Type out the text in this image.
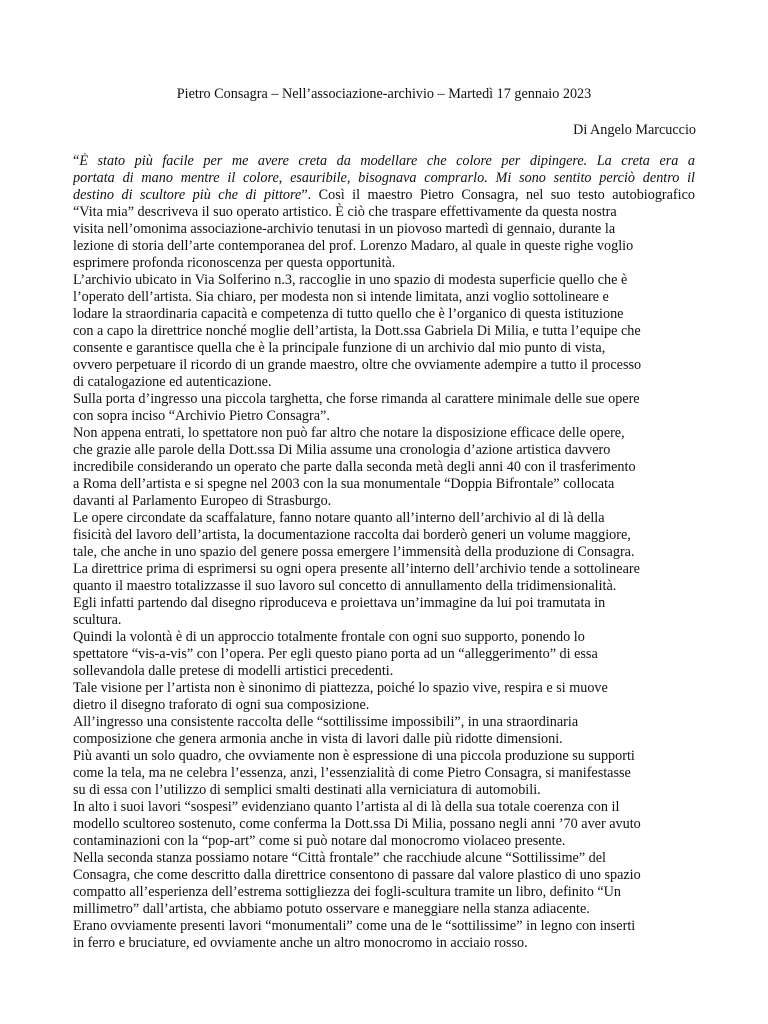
Pietro Consagra – Nell’associazione-archivio – Martedì 17 gennaio 2023
Di Angelo Marcuccio
“È stato più facile per me avere creta da modellare che colore per dipingere. La creta era a
portata di mano mentre il colore, esauribile, bisognava comprarlo. Mi sono sentito perciò dentro il
destino di scultore più che di pittore”. Così il maestro Pietro Consagra, nel suo testo autobiografico
“Vita mia” descriveva il suo operato artistico. È ciò che traspare effettivamente da questa nostra
visita nell’omonima associazione-archivio tenutasi in un piovoso martedì di gennaio, durante la
lezione di storia dell’arte contemporanea del prof. Lorenzo Madaro, al quale in queste righe voglio
esprimere profonda riconoscenza per questa opportunità.
L’archivio ubicato in Via Solferino n.3, raccoglie in uno spazio di modesta superficie quello che è
l’operato dell’artista. Sia chiaro, per modesta non si intende limitata, anzi voglio sottolineare e
lodare la straordinaria capacità e competenza di tutto quello che è l’organico di questa istituzione
con a capo la direttrice nonché moglie dell’artista, la Dott.ssa Gabriela Di Milia, e tutta l’equipe che
consente e garantisce quella che è la principale funzione di un archivio dal mio punto di vista,
ovvero perpetuare il ricordo di un grande maestro, oltre che ovviamente adempire a tutto il processo
di catalogazione ed autenticazione.
Sulla porta d’ingresso una piccola targhetta, che forse rimanda al carattere minimale delle sue opere
con sopra inciso “Archivio Pietro Consagra”.
Non appena entrati, lo spettatore non può far altro che notare la disposizione efficace delle opere,
che grazie alle parole della Dott.ssa Di Milia assume una cronologia d’azione artistica davvero
incredibile considerando un operato che parte dalla seconda metà degli anni 40 con il trasferimento
a Roma dell’artista e si spegne nel 2003 con la sua monumentale “Doppia Bifrontale” collocata
davanti al Parlamento Europeo di Strasburgo.
Le opere circondate da scaffalature, fanno notare quanto all’interno dell’archivio al di là della
fisicità del lavoro dell’artista, la documentazione raccolta dai borderò generi un volume maggiore,
tale, che anche in uno spazio del genere possa emergere l’immensità della produzione di Consagra.
La direttrice prima di esprimersi su ogni opera presente all’interno dell’archivio tende a sottolineare
quanto il maestro totalizzasse il suo lavoro sul concetto di annullamento della tridimensionalità.
Egli infatti partendo dal disegno riproduceva e proiettava un’immagine da lui poi tramutata in
scultura.
Quindi la volontà è di un approccio totalmente frontale con ogni suo supporto, ponendo lo
spettatore “vis-a-vis” con l’opera. Per egli questo piano porta ad un “alleggerimento” di essa
sollevandola dalle pretese di modelli artistici precedenti.
Tale visione per l’artista non è sinonimo di piattezza, poiché lo spazio vive, respira e si muove
dietro il disegno traforato di ogni sua composizione.
All’ingresso una consistente raccolta delle “sottilissime impossibili”, in una straordinaria
composizione che genera armonia anche in vista di lavori dalle più ridotte dimensioni.
Più avanti un solo quadro, che ovviamente non è espressione di una piccola produzione su supporti
come la tela, ma ne celebra l’essenza, anzi, l’essenzialità di come Pietro Consagra, si manifestasse
su di essa con l’utilizzo di semplici smalti destinati alla verniciatura di automobili.
In alto i suoi lavori “sospesi” evidenziano quanto l’artista al di là della sua totale coerenza con il
modello scultoreo sostenuto, come conferma la Dott.ssa Di Milia, possano negli anni ’70 aver avuto
contaminazioni con la “pop-art” come si può notare dal monocromo violaceo presente.
Nella seconda stanza possiamo notare “Città frontale” che racchiude alcune “Sottilissime” del
Consagra, che come descritto dalla direttrice consentono di passare dal valore plastico di uno spazio
compatto all’esperienza dell’estrema sottigliezza dei fogli-scultura tramite un libro, definito “Un
millimetro” dall’artista, che abbiamo potuto osservare e maneggiare nella stanza adiacente.
Erano ovviamente presenti lavori “monumentali” come una de le “sottilissime” in legno con inserti
in ferro e bruciature, ed ovviamente anche un altro monocromo in acciaio rosso.
